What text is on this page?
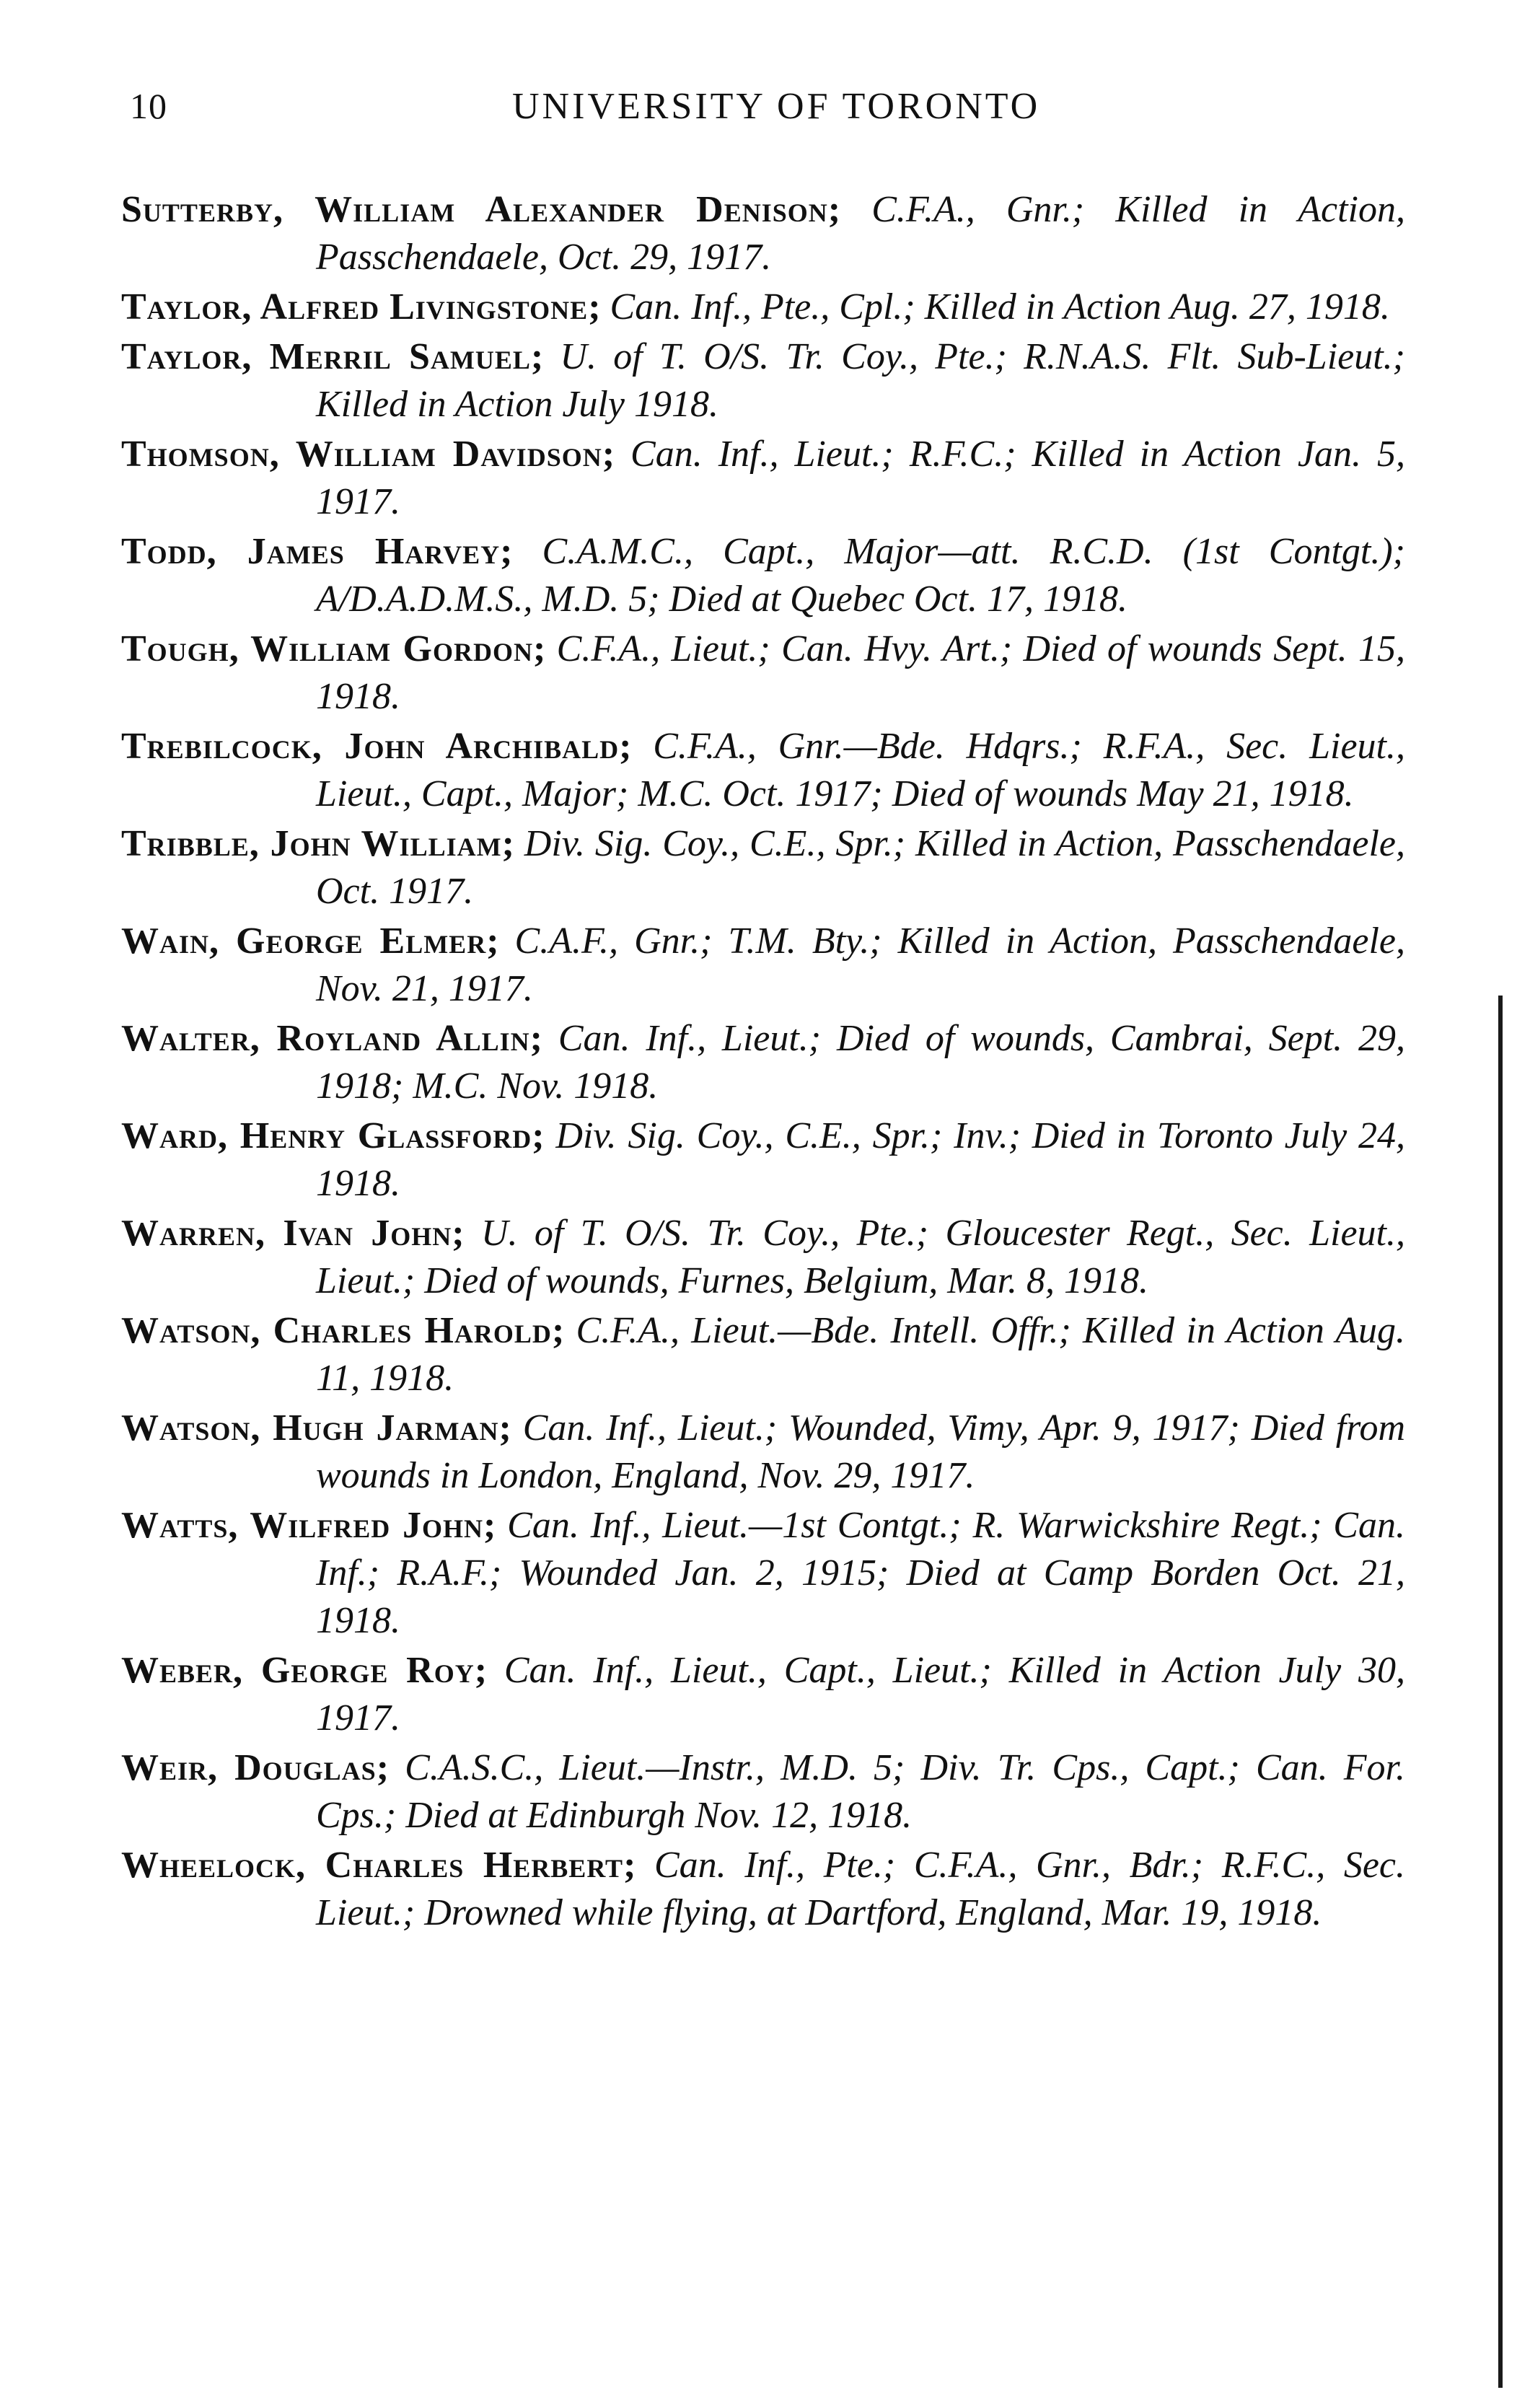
10	UNIVERSITY OF TORONTO

Sutterby, William Alexander Denison; C.F.A., Gnr.; Killed in Action, Passchendaele, Oct. 29, 1917.

Taylor, Alfred Livingstone; Can. Inf., Pte., Cpl.; Killed in Action Aug. 27, 1918.

Taylor, Merril Samuel; U. of T. O/S. Tr. Coy., Pte.; R.N.A.S. Flt. Sub-Lieut.; Killed in Action July 1918.

Thomson, William Davidson; Can. Inf., Lieut.; R.F.C.; Killed in Action Jan. 5, 1917.

Todd, James Harvey; C.A.M.C., Capt., Major—att. R.C.D. (1st Contgt.); A/D.A.D.M.S., M.D. 5; Died at Quebec Oct. 17, 1918.

Tough, William Gordon; C.F.A., Lieut.; Can. Hvy. Art.; Died of wounds Sept. 15, 1918.

Trebilcock, John Archibald; C.F.A., Gnr.—Bde. Hdqrs.; R.F.A., Sec. Lieut., Lieut., Capt., Major; M.C. Oct. 1917; Died of wounds May 21, 1918.

Tribble, John William; Div. Sig. Coy., C.E., Spr.; Killed in Action, Passchendaele, Oct. 1917.

Wain, George Elmer; C.A.F., Gnr.; T.M. Bty.; Killed in Action, Passchendaele, Nov. 21, 1917.

Walter, Royland Allin; Can. Inf., Lieut.; Died of wounds, Cambrai, Sept. 29, 1918; M.C. Nov. 1918.

Ward, Henry Glassford; Div. Sig. Coy., C.E., Spr.; Inv.; Died in Toronto July 24, 1918.

Warren, Ivan John; U. of T. O/S. Tr. Coy., Pte.; Gloucester Regt., Sec. Lieut., Lieut.; Died of wounds, Furnes, Belgium, Mar. 8, 1918.

Watson, Charles Harold; C.F.A., Lieut.—Bde. Intell. Offr.; Killed in Action Aug. 11, 1918.

Watson, Hugh Jarman; Can. Inf., Lieut.; Wounded, Vimy, Apr. 9, 1917; Died from wounds in London, England, Nov. 29, 1917.

Watts, Wilfred John; Can. Inf., Lieut.—1st Contgt.; R. Warwickshire Regt.; Can. Inf.; R.A.F.; Wounded Jan. 2, 1915; Died at Camp Borden Oct. 21, 1918.

Weber, George Roy; Can. Inf., Lieut., Capt., Lieut.; Killed in Action July 30, 1917.

Weir, Douglas; C.A.S.C., Lieut.—Instr., M.D. 5; Div. Tr. Cps., Capt.; Can. For. Cps.; Died at Edinburgh Nov. 12, 1918.

Wheelock, Charles Herbert; Can. Inf., Pte.; C.F.A., Gnr., Bdr.; R.F.C., Sec. Lieut.; Drowned while flying, at Dartford, England, Mar. 19, 1918.
